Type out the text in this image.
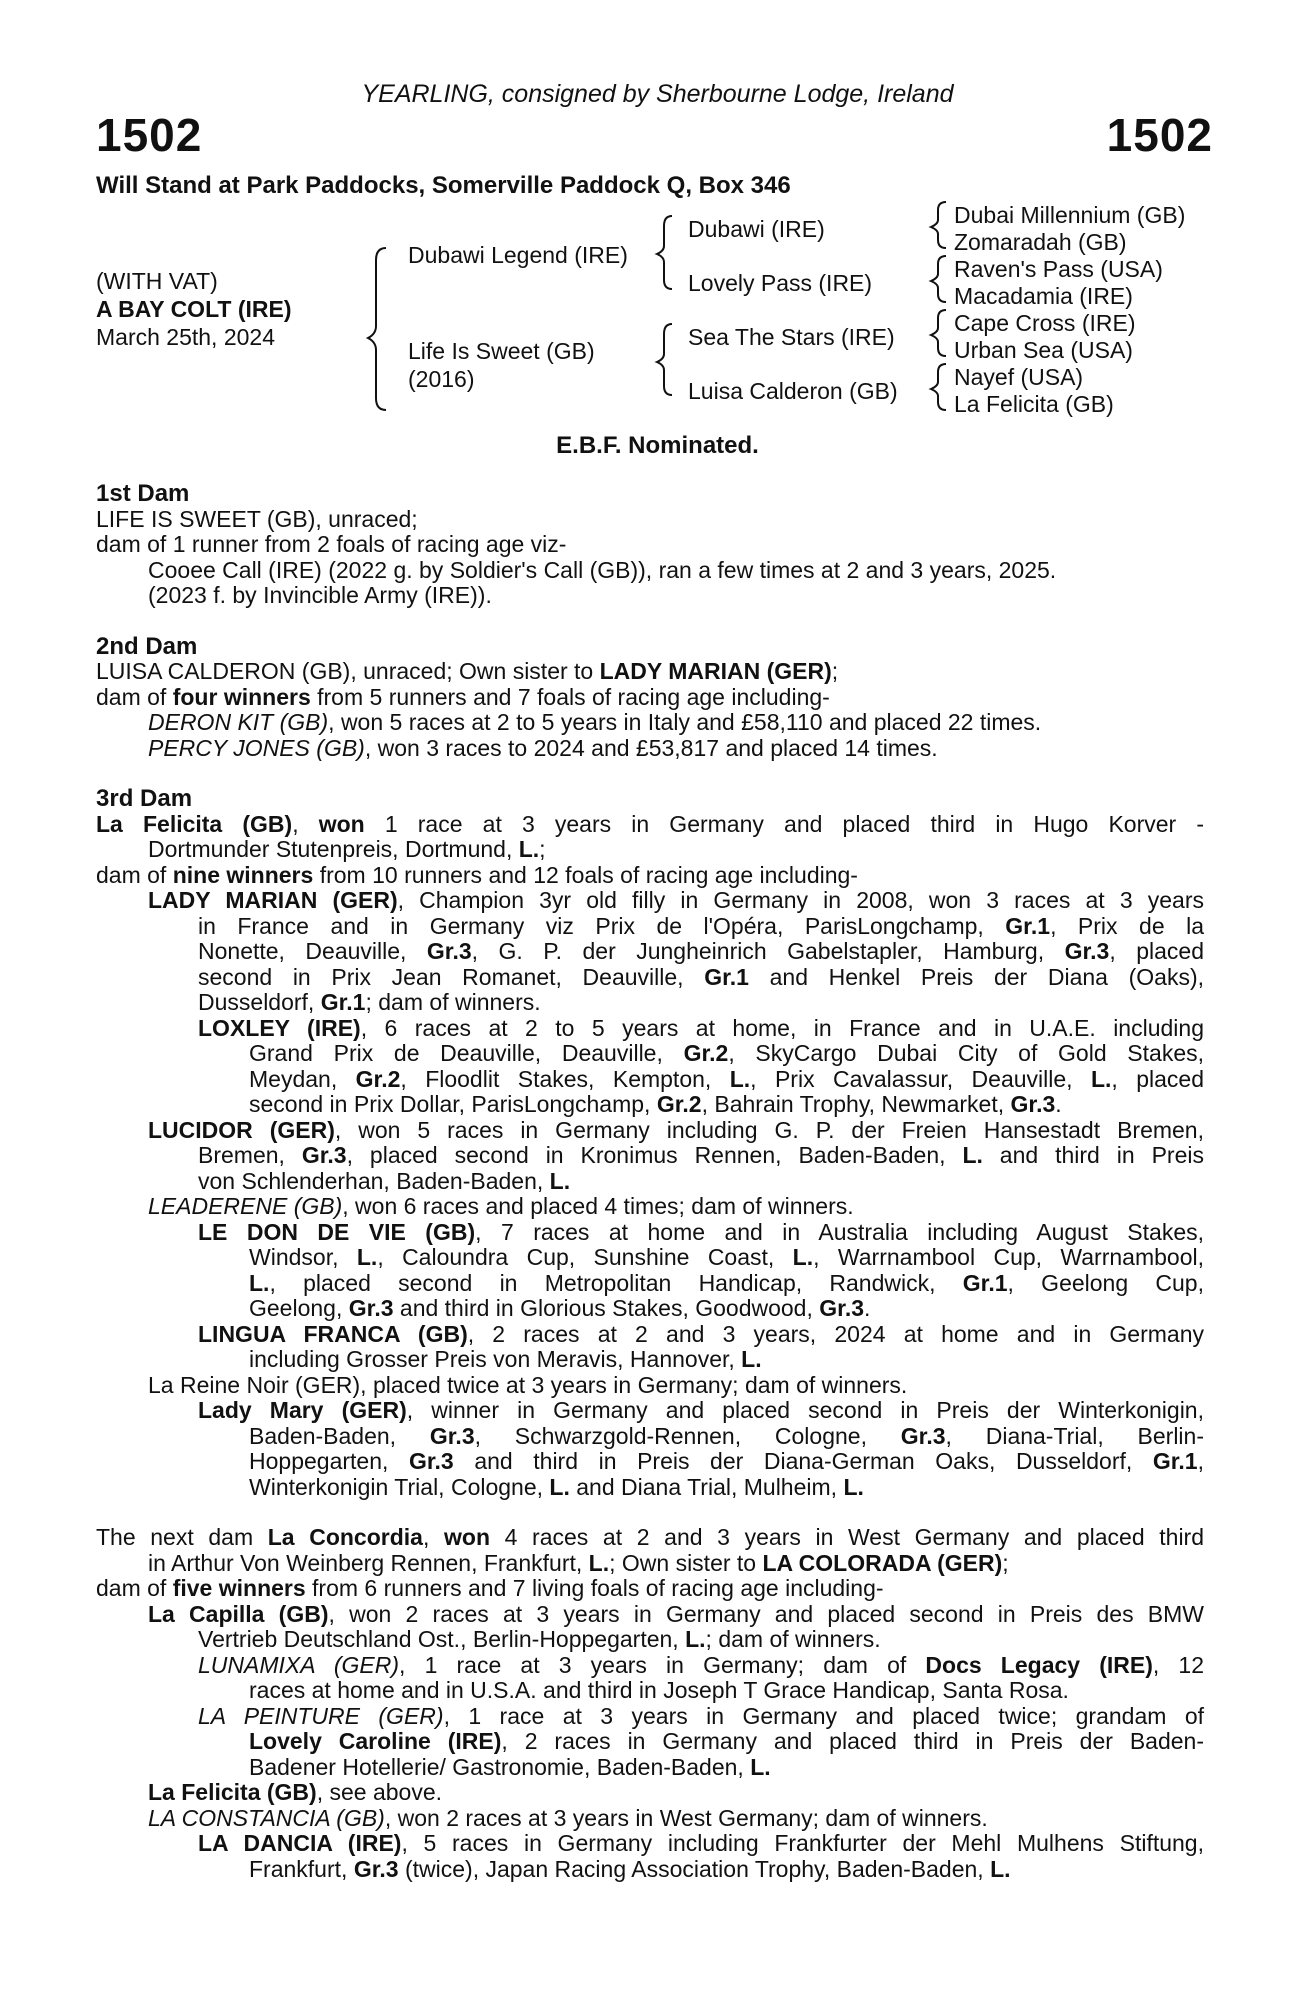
YEARLING, consigned by Sherbourne Lodge, Ireland
1502	1502
Will Stand at Park Paddocks, Somerville Paddock Q, Box 346
(WITH VAT)
A BAY COLT (IRE)
March 25th, 2024
Dubawi Legend (IRE)
Life Is Sweet (GB)
(2016)
Dubawi (IRE)
Lovely Pass (IRE)
Sea The Stars (IRE)
Luisa Calderon (GB)
Dubai Millennium (GB)
Zomaradah (GB)
Raven's Pass (USA)
Macadamia (IRE)
Cape Cross (IRE)
Urban Sea (USA)
Nayef (USA)
La Felicita (GB)
E.B.F. Nominated.
1st Dam
LIFE IS SWEET (GB), unraced;
dam of 1 runner from 2 foals of racing age viz-
Cooee Call (IRE) (2022 g. by Soldier's Call (GB)), ran a few times at 2 and 3 years, 2025.
(2023 f. by Invincible Army (IRE)).
2nd Dam
LUISA CALDERON (GB), unraced; Own sister to LADY MARIAN (GER);
dam of four winners from 5 runners and 7 foals of racing age including-
DERON KIT (GB), won 5 races at 2 to 5 years in Italy and £58,110 and placed 22 times.
PERCY JONES (GB), won 3 races to 2024 and £53,817 and placed 14 times.
3rd Dam
La Felicita (GB), won 1 race at 3 years in Germany and placed third in Hugo Korver -
Dortmunder Stutenpreis, Dortmund, L.;
dam of nine winners from 10 runners and 12 foals of racing age including-
LADY MARIAN (GER), Champion 3yr old filly in Germany in 2008, won 3 races at 3 years
in France and in Germany viz Prix de l'Opéra, ParisLongchamp, Gr.1, Prix de la
Nonette, Deauville, Gr.3, G. P. der Jungheinrich Gabelstapler, Hamburg, Gr.3, placed
second in Prix Jean Romanet, Deauville, Gr.1 and Henkel Preis der Diana (Oaks),
Dusseldorf, Gr.1; dam of winners.
LOXLEY (IRE), 6 races at 2 to 5 years at home, in France and in U.A.E. including
Grand Prix de Deauville, Deauville, Gr.2, SkyCargo Dubai City of Gold Stakes,
Meydan, Gr.2, Floodlit Stakes, Kempton, L., Prix Cavalassur, Deauville, L., placed
second in Prix Dollar, ParisLongchamp, Gr.2, Bahrain Trophy, Newmarket, Gr.3.
LUCIDOR (GER), won 5 races in Germany including G. P. der Freien Hansestadt Bremen,
Bremen, Gr.3, placed second in Kronimus Rennen, Baden-Baden, L. and third in Preis
von Schlenderhan, Baden-Baden, L.
LEADERENE (GB), won 6 races and placed 4 times; dam of winners.
LE DON DE VIE (GB), 7 races at home and in Australia including August Stakes,
Windsor, L., Caloundra Cup, Sunshine Coast, L., Warrnambool Cup, Warrnambool,
L., placed second in Metropolitan Handicap, Randwick, Gr.1, Geelong Cup,
Geelong, Gr.3 and third in Glorious Stakes, Goodwood, Gr.3.
LINGUA FRANCA (GB), 2 races at 2 and 3 years, 2024 at home and in Germany
including Grosser Preis von Meravis, Hannover, L.
La Reine Noir (GER), placed twice at 3 years in Germany; dam of winners.
Lady Mary (GER), winner in Germany and placed second in Preis der Winterkonigin,
Baden-Baden, Gr.3, Schwarzgold-Rennen, Cologne, Gr.3, Diana-Trial, Berlin-
Hoppegarten, Gr.3 and third in Preis der Diana-German Oaks, Dusseldorf, Gr.1,
Winterkonigin Trial, Cologne, L. and Diana Trial, Mulheim, L.
The next dam La Concordia, won 4 races at 2 and 3 years in West Germany and placed third
in Arthur Von Weinberg Rennen, Frankfurt, L.; Own sister to LA COLORADA (GER);
dam of five winners from 6 runners and 7 living foals of racing age including-
La Capilla (GB), won 2 races at 3 years in Germany and placed second in Preis des BMW
Vertrieb Deutschland Ost., Berlin-Hoppegarten, L.; dam of winners.
LUNAMIXA (GER), 1 race at 3 years in Germany; dam of Docs Legacy (IRE), 12
races at home and in U.S.A. and third in Joseph T Grace Handicap, Santa Rosa.
LA PEINTURE (GER), 1 race at 3 years in Germany and placed twice; grandam of
Lovely Caroline (IRE), 2 races in Germany and placed third in Preis der Baden-
Badener Hotellerie/ Gastronomie, Baden-Baden, L.
La Felicita (GB), see above.
LA CONSTANCIA (GB), won 2 races at 3 years in West Germany; dam of winners.
LA DANCIA (IRE), 5 races in Germany including Frankfurter der Mehl Mulhens Stiftung,
Frankfurt, Gr.3 (twice), Japan Racing Association Trophy, Baden-Baden, L.
